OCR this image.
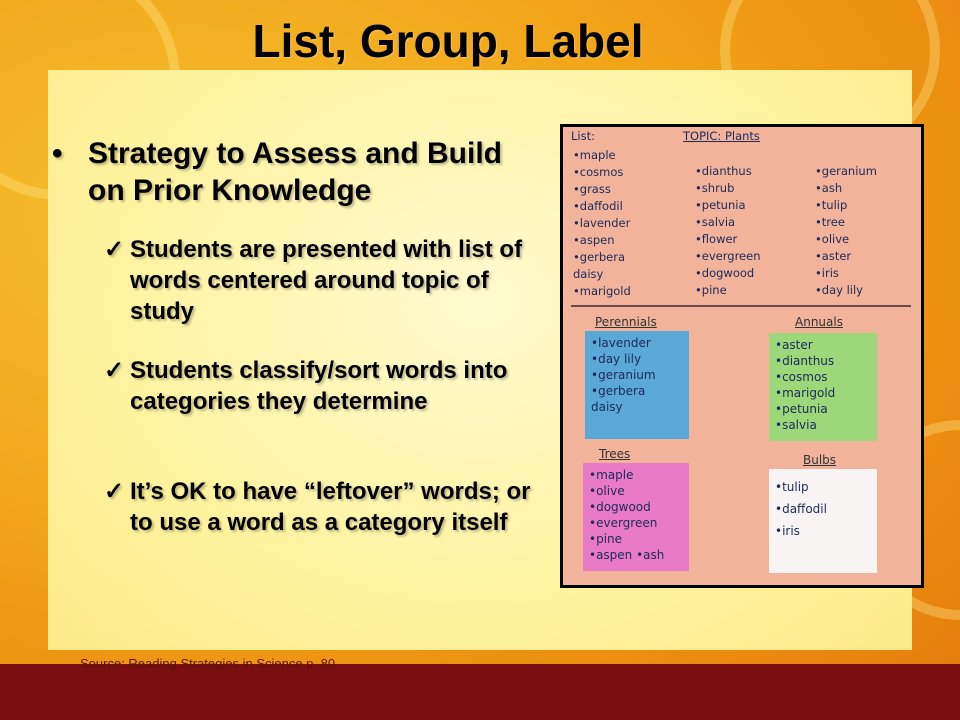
List, Group, Label
• Strategy to Assess and Build on Prior Knowledge
✓ Students are presented with list of words centered around topic of study
✓ Students classify/sort words into categories they determine
✓ It’s OK to have “leftover” words; or to use a word as a category itself
List:	TOPIC: Plants
•maple
•cosmos
•grass
•daffodil
•lavender
•aspen
•gerbera
daisy
•marigold
•dianthus
•shrub
•petunia
•salvia
•flower
•evergreen
•dogwood
•pine
•geranium
•ash
•tulip
•tree
•olive
•aster
•iris
•day lily
Perennials
•lavender
•day lily
•geranium
•gerbera
daisy
Annuals
•aster
•dianthus
•cosmos
•marigold
•petunia
•salvia
Trees
•maple
•olive
•dogwood
•evergreen
•pine
•aspen •ash
Bulbs
•tulip
•daffodil
•iris
Source: Reading Strategies in Science p. 80
